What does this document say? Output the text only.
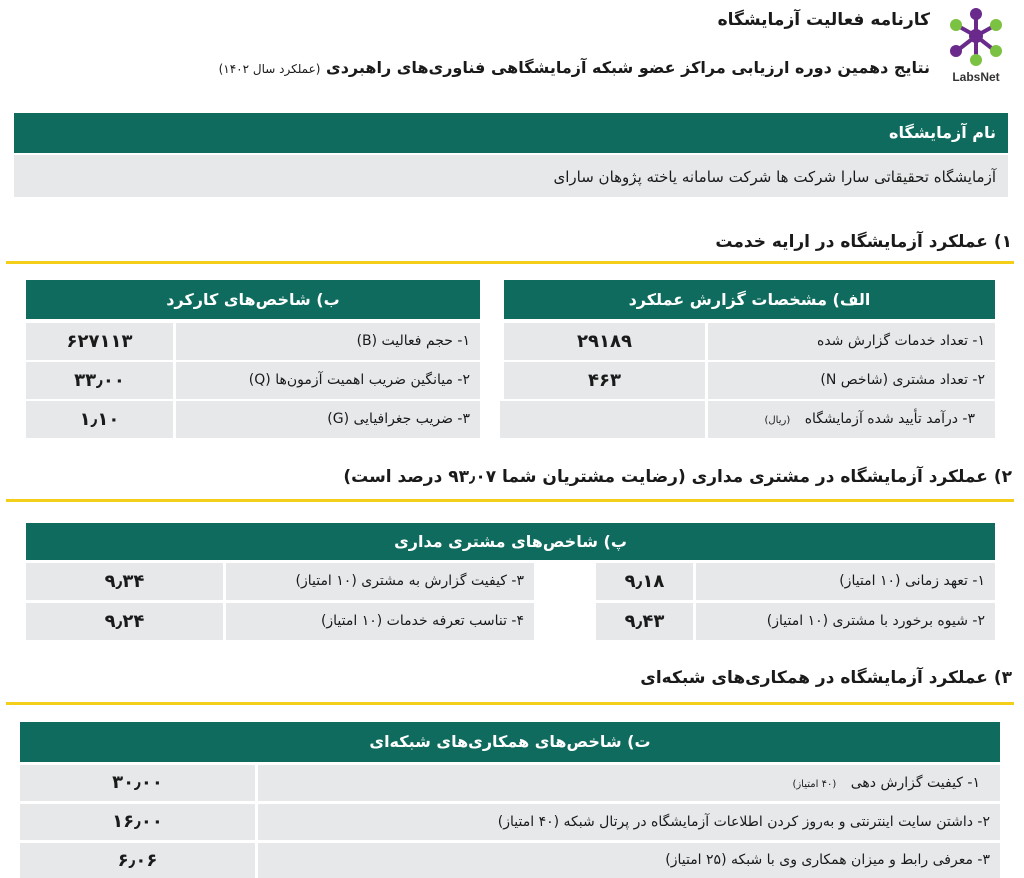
کارنامه فعالیت آزمایشگاه
نتایج دهمین دوره ارزیابی مراکز عضو شبکه آزمایشگاهی فناوری‌های راهبردی (عملکرد سال ۱۴۰۲)
LabsNet
نام آزمایشگاه
آزمایشگاه تحقیقاتی سارا شرکت ها شرکت سامانه یاخته پژوهان سارای
۱) عملکرد آزمایشگاه در ارایه خدمت
الف) مشخصات گزارش عملکرد
۱- تعداد خدمات گزارش شده
۲۹۱۸۹
۲- تعداد مشتری (شاخص N)
۴۶۳
۳- درآمد تأیید شده آزمایشگاه (ریال)
ب) شاخص‌های کارکرد
۱- حجم فعالیت (B)
۶۲۷۱۱۳
۲- میانگین ضریب اهمیت آزمون‌ها (Q)
۳۳٫۰۰
۳- ضریب جغرافیایی (G)
۱٫۱۰
۲) عملکرد آزمایشگاه در مشتری مداری (رضایت مشتریان شما ۹۳٫۰۷ درصد است)
پ) شاخص‌های مشتری مداری
۱- تعهد زمانی (۱۰ امتیاز)
۹٫۱۸
۲- شیوه برخورد با مشتری (۱۰ امتیاز)
۹٫۴۳
۳- کیفیت گزارش به مشتری (۱۰ امتیاز)
۹٫۳۴
۴- تناسب تعرفه خدمات (۱۰ امتیاز)
۹٫۲۴
۳) عملکرد آزمایشگاه در همکاری‌های شبکه‌ای
ت) شاخص‌های همکاری‌های شبکه‌ای
۱- کیفیت گزارش دهی (۴۰ امتیاز)
۳۰٫۰۰
۲- داشتن سایت اینترنتی و به‌روز کردن اطلاعات آزمایشگاه در پرتال شبکه (۴۰ امتیاز)
۱۶٫۰۰
۳- معرفی رابط و میزان همکاری وی با شبکه (۲۵ امتیاز)
۶٫۰۶
